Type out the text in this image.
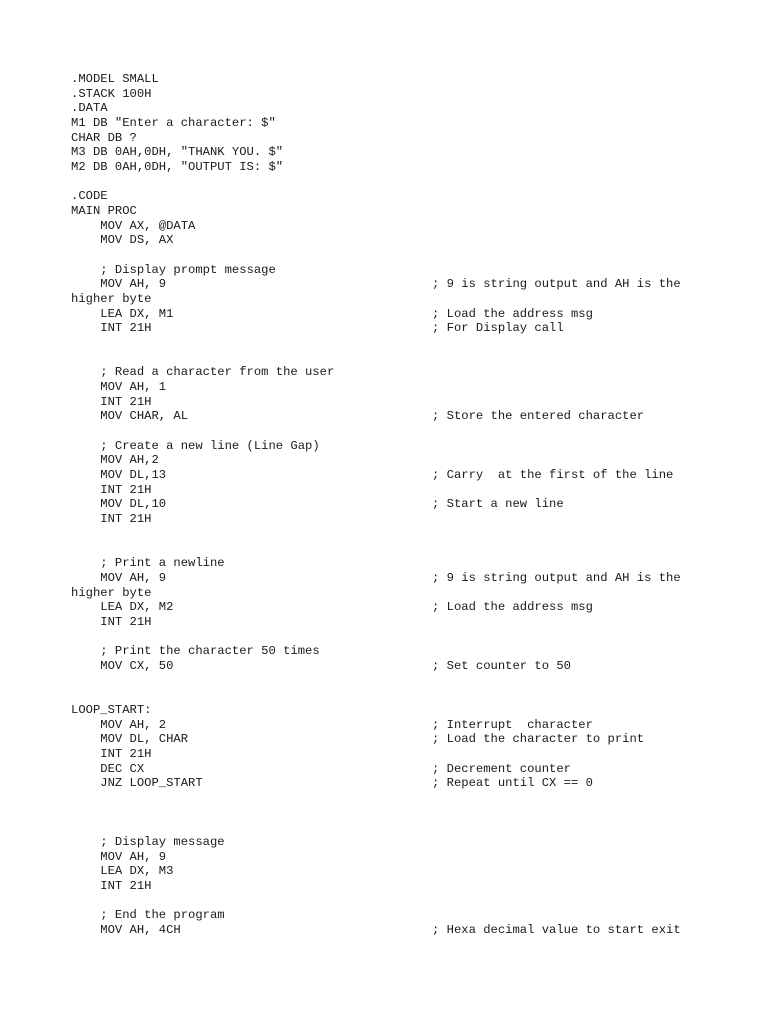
.MODEL SMALL
.STACK 100H
.DATA
M1 DB "Enter a character: $"
CHAR DB ?
M3 DB 0AH,0DH, "THANK YOU. $"
M2 DB 0AH,0DH, "OUTPUT IS: $"
.CODE
MAIN PROC
MOV AX, @DATA
MOV DS, AX
; Display prompt message
MOV AH, 9	; 9 is string output and AH is the
higher byte
LEA DX, M1	; Load the address msg
INT 21H	; For Display call
; Read a character from the user
MOV AH, 1
INT 21H
MOV CHAR, AL	; Store the entered character
; Create a new line (Line Gap)
MOV AH,2
MOV DL,13	; Carry  at the first of the line
INT 21H
MOV DL,10	; Start a new line
INT 21H
; Print a newline
MOV AH, 9	; 9 is string output and AH is the
higher byte
LEA DX, M2	; Load the address msg
INT 21H
; Print the character 50 times
MOV CX, 50	; Set counter to 50
LOOP_START:
MOV AH, 2	; Interrupt  character
MOV DL, CHAR	; Load the character to print
INT 21H
DEC CX	; Decrement counter
JNZ LOOP_START	; Repeat until CX == 0
; Display message
MOV AH, 9
LEA DX, M3
INT 21H
; End the program
MOV AH, 4CH	; Hexa decimal value to start exit
